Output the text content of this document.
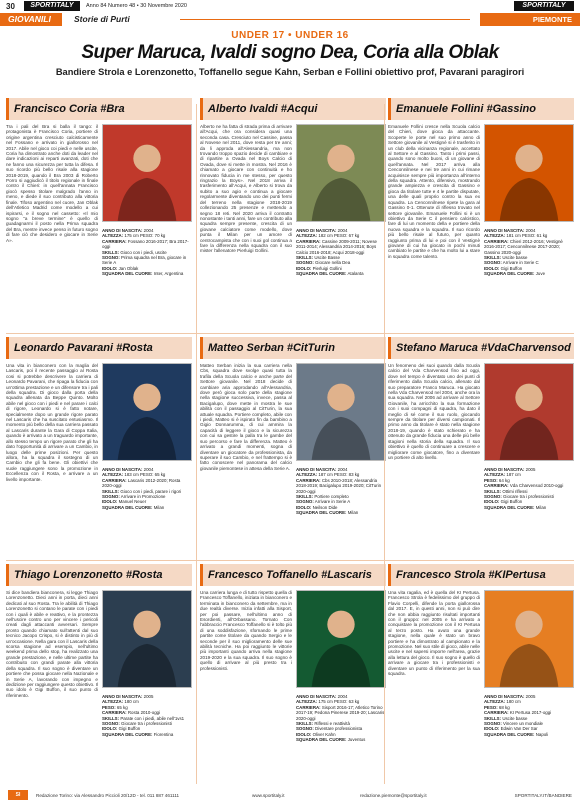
30	SPORTITALY	Anno 84 Numero 48 • 30 Novembre 2020	SPORTITALY
GIOVANILI	Storie di Purti	PIEMONTE
UNDER 17 • UNDER 16
Super Maruca, Ivaldi sogno Dea, Coria alla Oblak
Bandiere Strola e Lorenzonetto, Toffanello segue Kahn, Serban e Follini obiettivo prof, Pavarani paragirori
Francisco Coria #Bra
Tra i pali del Bra si balla il tango: il protagonista è Francisco Coria, portiere di origine argentina cresciuto calcisticamente nel Fossano e arrivato in giallorosso nel 2017. Abile nel gioco coi piedi e nelle uscite, Coria ha dimostrato anche doti da leader nel dare indicazioni ai reparti avanzati, doti che ne fanno una sicurezza per tutta la difesa. Il suo ricordo più bello risale alla stagione 2018-2019, quando il Bra 2003 di Roberto Porro si aggiudicò il titolo regionale in finale contro il Chieri: in quell'annata Francisco giocò spesso titolare malgrado l'anno in meno, e diede il suo contributo alla vittoria finale. Tifoso argentino nel cuore, Jan Oblak dell'Atletico Madrid come modello a cui ispirarsi, e il sogno nel cassetto: «Il mio sogno "a breve termine" è quello di guadagnarmi il posto nella Prima squadra del Bra, mentre invece penso in futuro sogno di fare ciò che desidero e giocare in Serie A».
ANNO DI NASCITA: 2004
ALTEZZA: 175 cm PESO: 70 kg
CARRIERA: Fossano 2016-2017; Bra 2017-oggi
SKILLS: Gioco con i piedi, uscite
SOGNO: Prima squadra nel Bra, giocare in Serie A
IDOLO: Jan Oblak
SQUADRA DEL CUORE: Inter, Argentina
Alberto Ivaldi #Acqui
Alberto ne ha fatta di strada prima di arrivare all'Acqui, che ora considera quasi una seconda casa. Cresciuto nel Cassine, passa al Novese nel 2011, dove resta per tre anni; da li approda all'Alessandria, ma non trovando troppo spazio decide di cambiare e di ripartire a Ovada nel Boys Calcio di Ovada, dove si mette in mostra. Nel 2016 è chiamato a giocare con continuità e ho rinnovato fiducia in me stesso, per questo ringrazio la Boys». Nel 2018 arriva il trasferimento all'Acqui, e Alberto si trova da subito a suo agio e continua a giocare regolarmente diventando uno dei punti fermi del terreno nella stagione 2018-2019 collezionando 25 presenze e mettendo a segno 18 reti. Nel 2020 arriva il contratto nonostante i tanti anni, fare un contributo alla squadra sempre presente, crescita di un giovane calciatore come modello, dove punta il Milan per un amore di centrocampista che con i suoi gol continua a fare la differenza nella squadra con il suo mister l'allenatore Pierluigi Gollini.
ANNO DI NASCITA: 2004
ALTEZZA: 182 cm PESO: 67 kg
CARRIERA: Cassine 2009-2011; Novese 2011-2014; Alessandria 2014-2016; Boys Calcio 2016-2018; Acqui 2018-oggi
SKILLS: Uscite Basse
SOGNO: Giocare nella Dea
IDOLO: Pierluigi Gollini
SQUADRA DEL CUORE: Atalanta
Emanuele Follini #Gassino
Emanuele Follini cresce nella Scuola calcio del Chieri, dove gioca da attaccante. Scoperte le porte nel suo primo anno di Settore giovanile al Vestignè si è trasferito in un club della vicinanza regionale, accettato al Settore e al Gassino. Tanto i primi passi, quando sono molto buoni, di un giovane di quell'annata. Nel 2017 arriva alla Cenconnilnese e nei tre anni in cui rimane acquisisce sempre più importanza all'interno della squadra. Attento, difensivo, mostrando grande ampiezza e crescita di Gassino e gioca da titolare tutte e 4 le partite disputate, una delle quali proprio contro la sua ex squadra. La Cenconnilnese ripete la gara al Gassino 0-1. Ottenute di riflesso trovato nel settore giovanile. Emanuele Follini si è un obiettivo da Serie C il pensiero calcistico, fare di lui un momento della e portiere della nuova squadra e la squadra. Il suo ricordo più bello risale al futuro, per quanto raggiunto prima di lui e poi con il Vestignè giovane di cui ha giocato in pochi minuti cambiato le partite e che ha molto lui a stare in squadra come talento.
ANNO DI NASCITA: 2004
ALTEZZA: 181 cm PESO: 61 kg
CARRIERA: Chieri 2012-2016; Vestignè 2016-2017; Cenconnilnese 2017-2020; Gassino 2020-oggi
SKILLS: Uscite basse
SOGNO: Arrivare in Serie C
IDOLO: Gigi Buffon
SQUADRA DEL CUORE: Juve
Leonardo Pavarani #Rosta
Una vita in bianconero con la maglia del Lascaris, poi il recente passaggio al Rosta cosi si potrebbe descrivere la carriera di Leonardo Pavarani, che ripaga la fiducia con un'ottima prestazione e un difensore tra i pali della squadra. Di gioco dalla porta della squadra allenata da Beppe Quinto. Molto abile nel gioco con i piedi e nel parare i calci di rigore, Leonardo si è fatto notare, specialmente dopo un grande rigore parato nel Lascaris che ha suscitato entusiasmo. Il momento più bello della sua carriera passato al Lascaris durante la Gara di Coppa Italia, quando è arrivato a un traguardo importante, allo stesso tempo un rigore parato che gli ha dato l'opportunità di arrivare a un Cambio, in luogo delle prime posizioni. Per questo allora, ha la squadra il sostegno di un Cambio che gli fa bene. Gli obiettivi che vuole raggiungere sono la promozione in Eccellenza con il Rosta, e arrivare a un livello importante.
ANNO DI NASCITA: 2004
ALTEZZA: 183 cm PESO: 65 kg
CARRIERA: Lascaris 2012-2020; Rosta 2020-oggi
SKILLS: Gioco con i piedi, parare i rigori
SOGNO: Arrivare in Promozione
IDOLO: Manuel Neuer
SQUADRA DEL CUORE: Milan
Matteo Serban #CitTurin
Matteo Serban inizia la sua carriera nella Cbs, squadra dove svolge quasi tutta la trafila della Scuola calcio e anche parte del Settore giovanile. Nel 2018 decide di cambiare aria approdando all'Alessandria, dove però gioca solo parte della stagione nella stagione successiva, invece, passa al Bacigalupo, dove mette in mostra le sue abilità con il passaggio al CitTurin, la sua attuale squadra. Portiere completo, abile con i piedi, Matteo si è ispirato fin da bambino a Gigio Donnarumma, di cui ammira la capacità di leggere il gioco e la sicurezza con cui sa gestire la palla tra le gambe del suo percorso e fare la differenza. Matteo è arrivato a grandi momenti, sogna di diventare un giocatore da professionista, da superare il suo Cambio, e nel frattempo si è fatto conoscere nel panorama del calcio giovanile piemontese in attesa della Serie A.	ANNO DI NASCITA: 2004
ALTEZZA: 187 cm PESO: 83 kg
CARRIERA: Cbs 2010-2018; Alessandria 2018-2019; Bacigalupo 2019-2020; CitTurin 2020-oggi
SKILLS: Portiere completo
SOGNO: Arrivare in Serie A
IDOLO: Neilson Dide
SQUADRA DEL CUORE: Milan
Stefano Maruca #VdaCharvensod
Un fenomeno dei suoi quando dalla Scuola calcio del Vda Charvensod fino ad oggi, dove nel tempo è diventato uno dei punti di riferimento dalla Scuola calcio, allenato dal suo preparatore Franco Maruca. Ha giocato nella Vda Charvensod nel 2004, anche ora la sua squadra. Nel 2006 ad arrivare al Settore Giovanile, ha arricchito la sua formazione con i suoi compagni di squadra, ha dato il meglio di sé come il suo ruolo, giocando sempre da titolare per diversi campionati. Il primo anno da titolare è stato nella stagione 2018-19, quando è stato schierato e ha ottenuto da grande fiducia una delle più belle stagioni nella storia della squadra. Il suo obiettivo è quello di continuare a crescere e migliorare come giocatore, fino a diventare un portiere di alto livello.
ANNO DI NASCITA: 2005
ALTEZZA: 187 cm
PESO: 64 kg
CARRIERA: Vda Charvensod 2010-oggi
SKILLS: Ottimi riflessi
SOGNO: Giocare tra i professionisti
IDOLO: Gigi Buffon
SQUADRA DEL CUORE: Milan
Thiago Lorenzonetto #Rosta
Si dice bandiera bianconera, si legge Thiago Lorenzonetto. Dieci anni in porta, dieci anni dedicati al suo Rosta. Tra le abilità di Thiago Lorenzonetto si contano le parate con i piedi con i quali è abile e reattivo, e la prontezza nell'uscire contro uno per vincere i pericoli creati dagli attaccanti avversari. Sempre pronto quando chiamato sull'attenti dal suo tecnico Jacopo Crispo, si è distinto in più di un'occasione. Nella gara con il Lascaris della scorsa stagione ad esempio, nell'ultimo weekend prima dello stop, ha realizzato una grande prestazione, e nelle ultime partite ha contribuito con grandi parate alla vittoria della squadra. Il suo sogno è diventare un portiere che possa giocare nella Nazionale e in Serie A, lavorando con impegno e dedizione per raggiungere questo obiettivo. Il suo idolo è Gigi Buffon, il suo punto di riferimento.	ANNO DI NASCITA: 2005
ALTEZZA: 180 cm
PESO: 65 kg
CARRIERA: Rosta 2010-oggi
SKILLS: Parate con i piedi, abile nell'1vs1
SOGNO: Giocare tra i professionisti
IDOLO: Gigi Buffon
SQUADRA DEL CUORE: Fiorentina
Francesco Toffanello #Lascaris
Una carriera lunga e di tutto rispetto quella di Francesco Toffanello, iniziata in bianconero e terminata in bianconero da settembre, ma in due realtà diverse. Inizia infatti alla Sisport, per poi passare, nell'ultimo anno di Esordienti, all'Orbassano. Tornato Con l'abbraccio Francesco Toffanello si è tolto più di una soddisfazione, sfornando le prime partite come titolare da quando Sergio e le seconde per il suo miglioramento delle sue abilità tecniche. Ha poi raggiunto le vittorie più importanti quando arriva nella stagione 2019-2020 e la sua squadra. Il suo sogno è quello di arrivare al più presto tra i professionisti.
ANNO DI NASCITA: 2004
ALTEZZA: 175 cm PESO: 63 kg
CARRIERA: Sisport 2016-17; Atletico Torino 2017-19; Pedona Pinerese 2019-20; Lascaris 2020-oggi
SKILLS: Riflessi e reattività
SOGNO: Diventare professionista
IDOLO: Oliver Kahn
SQUADRA DEL CUORE: Juventus
Francesco Strola #KIPertusa
Una vita ragalia, ed è quella del KI Pertusa. Francesco Strola è fedelissimo del gruppo di Flavio Corpelli, difende la porta giallorossa dal 2017. E, in questi anni, non si può dire che non abbia raggiunto risultati importanti con il gruppo: nel 2005 e ha arrivato a conquistare la promozione con il KI Pertusa al terzo posto. Ha avuto una grande stagione, nella quale è stato un bravo portiere e ha dimostrato al campionato e la promozione. Nel suo stile di gioco, abile nelle uscite e nel sapersi imporre nell'area, grazie alla lettura del gioco. Il suo sogno è quello di arrivare a giocare tra i professionisti e diventare un punto di riferimento per la sua squadra.
ANNO DI NASCITA: 2005
ALTEZZA: 180 cm
PESO: 68 kg
CARRIERA: KI Pertusa 2017-oggi
SKILLS: Uscite basse
SOGNO: Vincere un mondiale
IDOLO: Edwin Van Der Sar
SQUADRA DEL CUORE: Napoli
SI	Redazione Torino: via Alessandro Piccioli 20/12D - tel. 011 887 461111	www.sportitaly.it	redazione.piemonte@sportitaly.it	SPORTITALY.IT/BANDIERE
